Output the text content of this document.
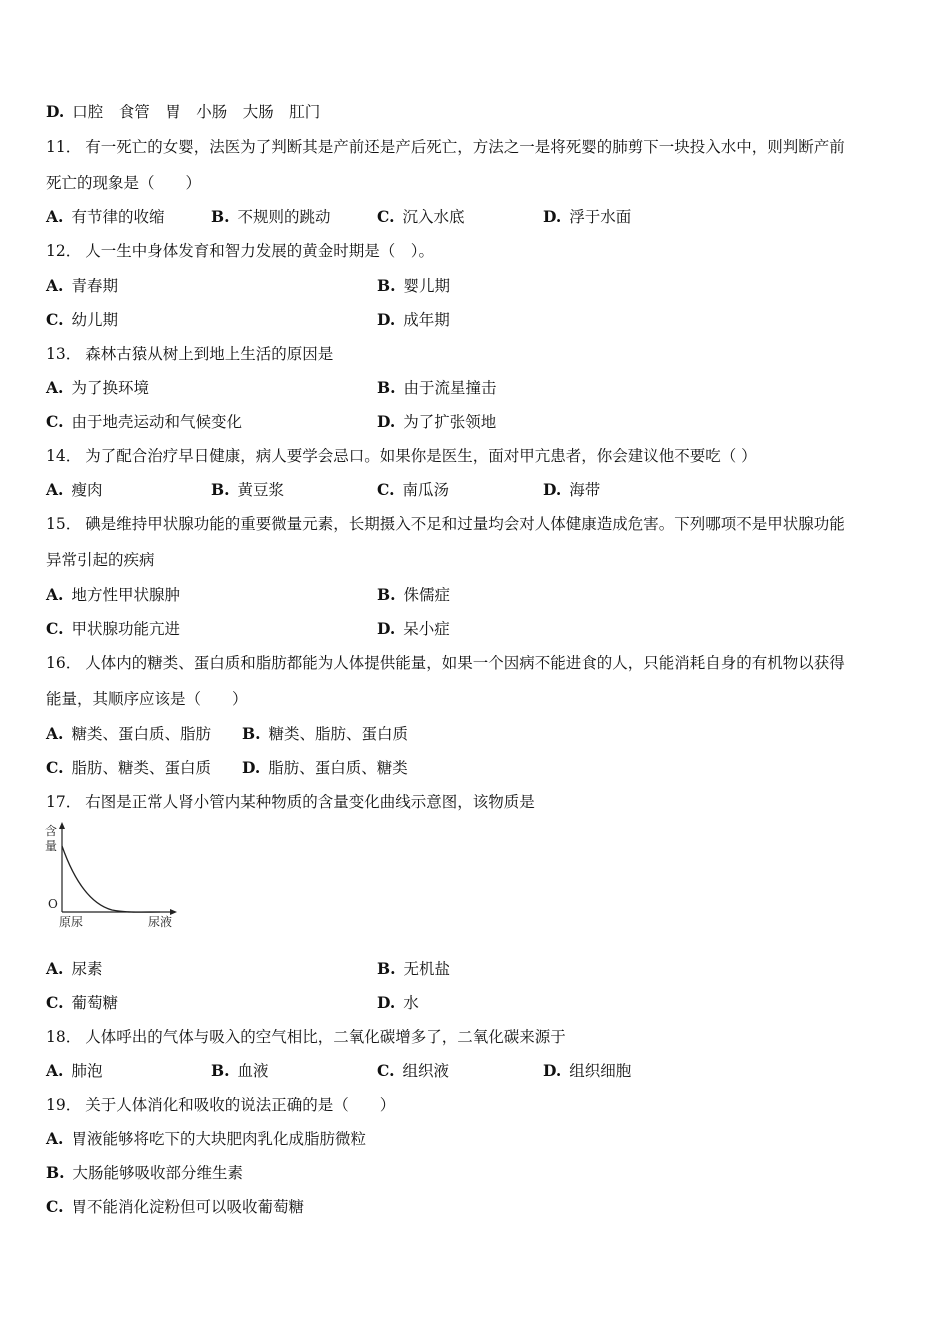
D. 口腔　食管　胃　小肠　大肠　肛门
11． 有一死亡的女婴，法医为了判断其是产前还是产后死亡，方法之一是将死婴的肺剪下一块投入水中，则判断产前
死亡的现象是（　　）
A. 有节律的收缩	B. 不规则的跳动	C. 沉入水底	D. 浮于水面
12． 人一生中身体发育和智力发展的黄金时期是（　）。
A. 青春期	B. 婴儿期
C. 幼儿期	D. 成年期
13． 森林古猿从树上到地上生活的原因是
A. 为了换环境	B. 由于流星撞击
C. 由于地壳运动和气候变化	D. 为了扩张领地
14． 为了配合治疗早日健康，病人要学会忌口。如果你是医生，面对甲亢患者，你会建议他不要吃（ ）
A. 瘦肉	B. 黄豆浆	C. 南瓜汤	D. 海带
15． 碘是维持甲状腺功能的重要微量元素，长期摄入不足和过量均会对人体健康造成危害。下列哪项不是甲状腺功能
异常引起的疾病
A. 地方性甲状腺肿	B. 侏儒症
C. 甲状腺功能亢进	D. 呆小症
16． 人体内的糖类、蛋白质和脂肪都能为人体提供能量，如果一个因病不能进食的人，只能消耗自身的有机物以获得
能量，其顺序应该是（　　）
A. 糖类、蛋白质、脂肪 B. 糖类、脂肪、蛋白质
C. 脂肪、糖类、蛋白质 D. 脂肪、蛋白质、糖类
17． 右图是正常人肾小管内某种物质的含量变化曲线示意图，该物质是
含
量
O
原尿	尿液
A. 尿素	B. 无机盐
C. 葡萄糖	D. 水
18． 人体呼出的气体与吸入的空气相比，二氧化碳增多了，二氧化碳来源于
A. 肺泡	B. 血液	C. 组织液	D. 组织细胞
19． 关于人体消化和吸收的说法正确的是（　　）
A. 胃液能够将吃下的大块肥肉乳化成脂肪微粒
B. 大肠能够吸收部分维生素
C. 胃不能消化淀粉但可以吸收葡萄糖
